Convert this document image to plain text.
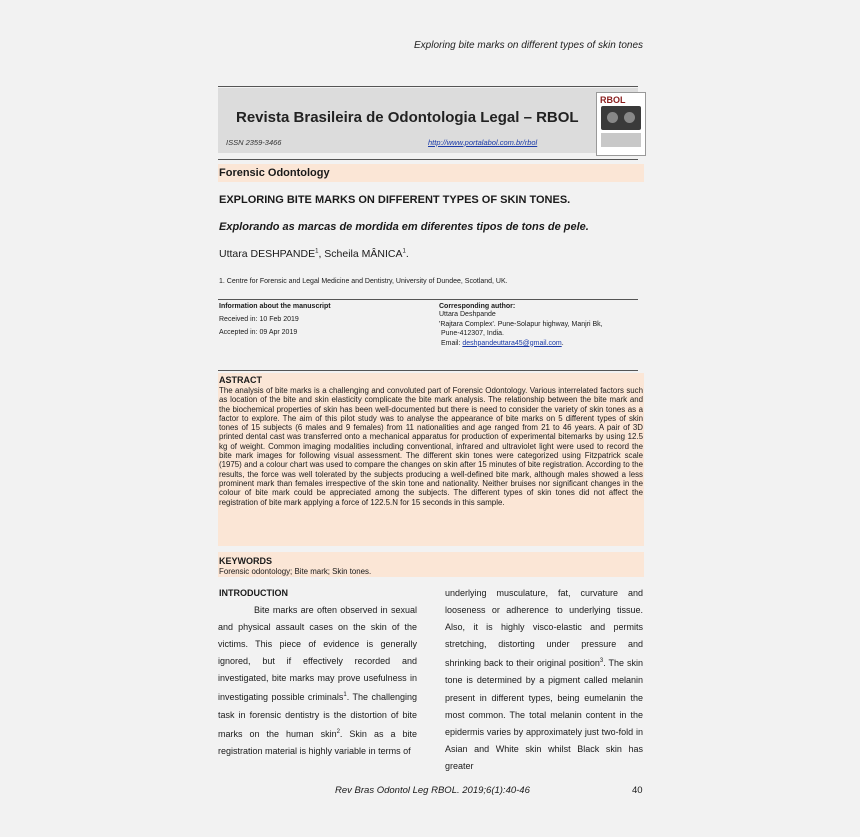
Exploring bite marks on different types of skin tones
Revista Brasileira de Odontologia Legal – RBOL
ISSN 2359-3466	http://www.portalabol.com.br/rbol
RBOL
Forensic Odontology
EXPLORING BITE MARKS ON DIFFERENT TYPES OF SKIN TONES.
Explorando as marcas de mordida em diferentes tipos de tons de pele.
Uttara DESHPANDE$^1$, Scheila MÂNICA$^1$.
1. Centre for Forensic and Legal Medicine and Dentistry, University of Dundee, Scotland, UK.
Information about the manuscript
Received in: 10 Feb 2019
Accepted in: 09 Apr 2019
Corresponding author:
Uttara Deshpande
'Rajtara Complex'. Pune-Solapur highway, Manjri Bk,
Pune-412307, India.
Email: deshpandeuttara45@gmail.com.
ASTRACT
The analysis of bite marks is a challenging and convoluted part of Forensic Odontology. Various interrelated factors such as location of the bite and skin elasticity complicate the bite mark analysis. The relationship between the bite mark and the biochemical properties of skin has been well-documented but there is need to consider the variety of skin tones as a factor to explore. The aim of this pilot study was to analyse the appearance of bite marks on 5 different types of skin tones of 15 subjects (6 males and 9 females) from 11 nationalities and age ranged from 21 to 46 years. A pair of 3D printed dental cast was transferred onto a mechanical apparatus for production of experimental bitemarks by using 12.5 kg of weight. Common imaging modalities including conventional, infrared and ultraviolet light were used to record the bite mark images for following visual assessment. The different skin tones were categorized using Fitzpatrick scale (1975) and a colour chart was used to compare the changes on skin after 15 minutes of bite registration. According to the results, the force was well tolerated by the subjects producing a well-defined bite mark, although males showed a less prominent mark than females irrespective of the skin tone and nationality. Neither bruises nor significant changes in the colour of bite mark could be appreciated among the subjects. The different types of skin tones did not affect the registration of bite mark applying a force of 122.5.N for 15 seconds in this sample.
KEYWORDS
Forensic odontology; Bite mark; Skin tones.
INTRODUCTION

Bite marks are often observed in sexual and physical assault cases on the skin of the victims. This piece of evidence is generally ignored, but if effectively recorded and investigated, bite marks may prove usefulness in investigating possible criminals$^1$. The challenging task in forensic dentistry is the distortion of bite marks on the human skin$^2$. Skin as a bite registration material is highly variable in terms of

underlying musculature, fat, curvature and looseness or adherence to underlying tissue. Also, it is highly visco-elastic and permits stretching, distorting under pressure and shrinking back to their original position$^3$. The skin tone is determined by a pigment called melanin present in different types, being eumelanin the most common. The total melanin content in the epidermis varies by approximately just two-fold in Asian and White skin whilst Black skin has greater

Rev Bras Odontol Leg RBOL. 2019;6(1):40-46	40
